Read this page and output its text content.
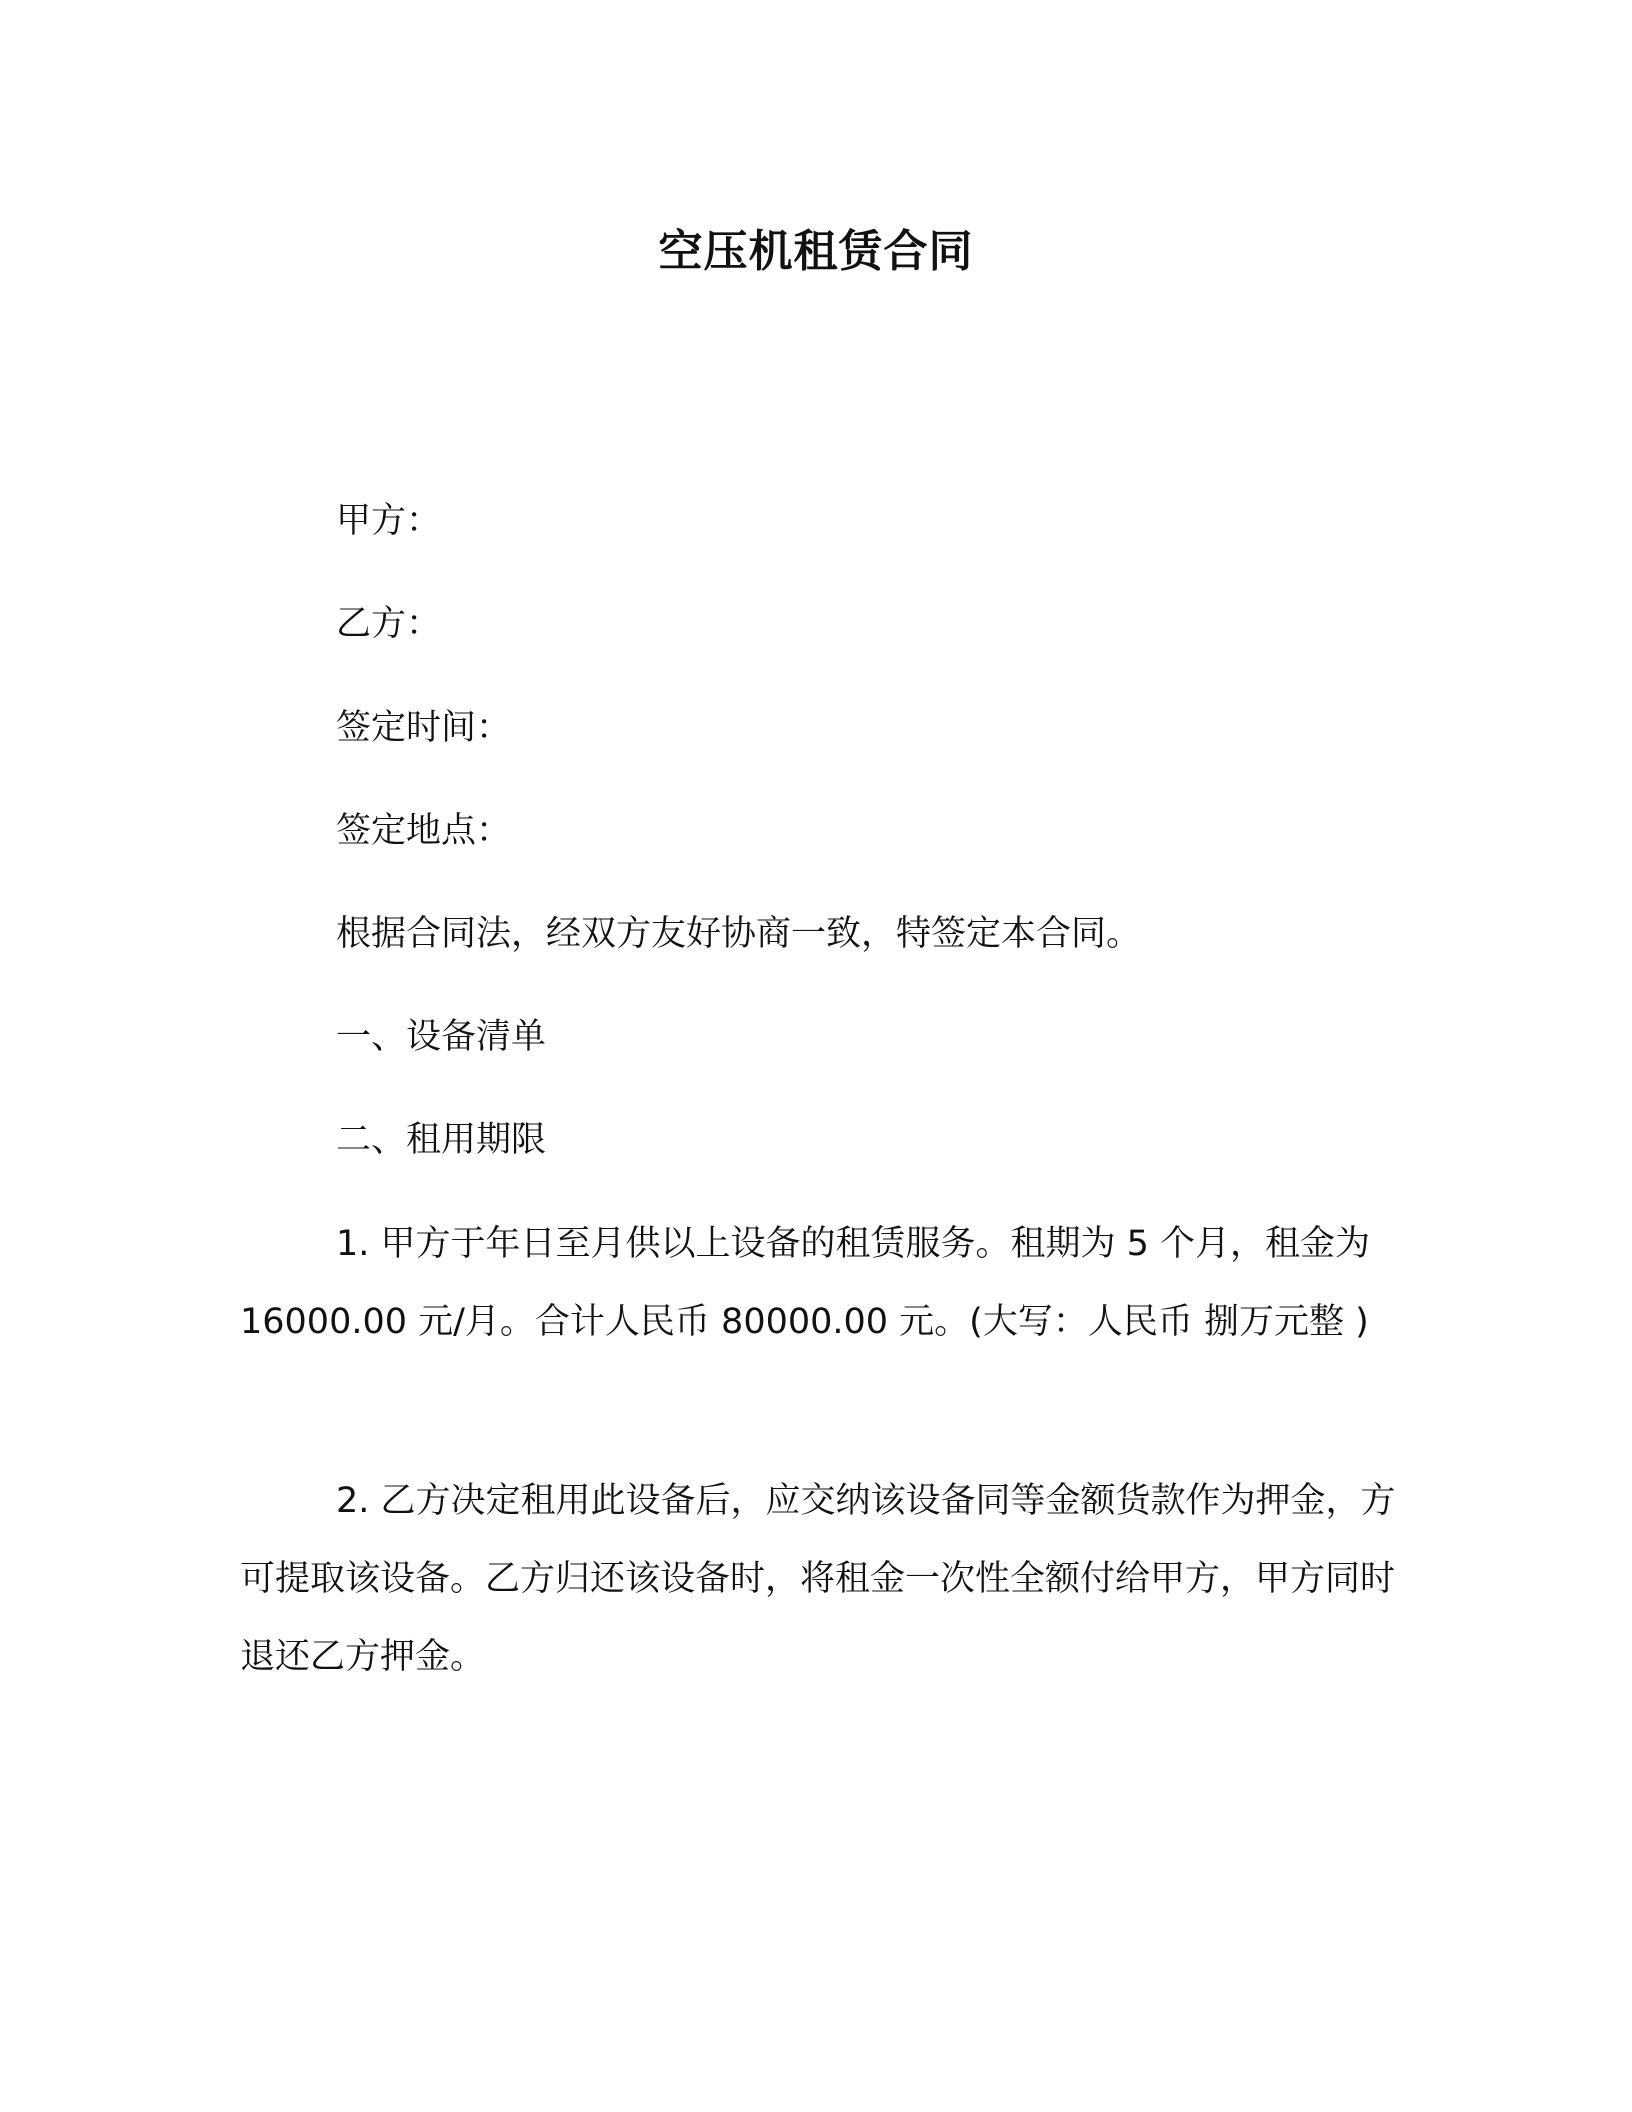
空压机租赁合同
甲方：
乙方：
签定时间：
签定地点：
根据合同法，经双方友好协商一致，特签定本合同。
一、设备清单
二、租用期限

1. 甲方于年日至月供以上设备的租赁服务。租期为 5 个月，租金为 16000.00 元/月。合计人民币 80000.00 元。(大写：人民币 捌万元整 )

2. 乙方决定租用此设备后，应交纳该设备同等金额货款作为押金，方可提取该设备。乙方归还该设备时，将租金一次性全额付给甲方，甲方同时退还乙方押金。
